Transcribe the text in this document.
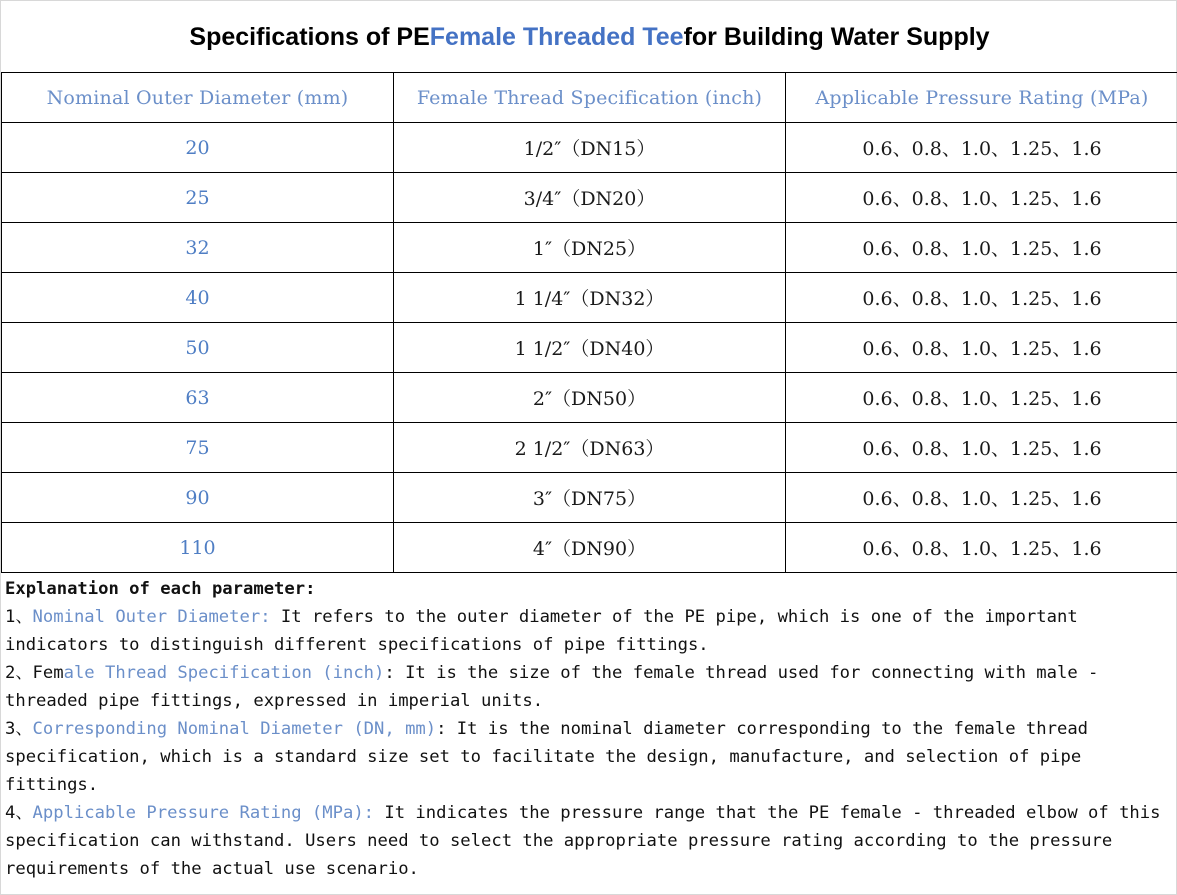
Specifications of PE Female Threaded Tee for Building Water Supply
Nominal Outer Diameter (mm)	Female Thread Specification (inch)	Applicable Pressure Rating (MPa)
20	1/2″（DN15）	0.6、0.8、1.0、1.25、1.6
25	3/4″（DN20）	0.6、0.8、1.0、1.25、1.6
32	1″（DN25）	0.6、0.8、1.0、1.25、1.6
40	1 1/4″（DN32）	0.6、0.8、1.0、1.25、1.6
50	1 1/2″（DN40）	0.6、0.8、1.0、1.25、1.6
63	2″（DN50）	0.6、0.8、1.0、1.25、1.6
75	2 1/2″（DN63）	0.6、0.8、1.0、1.25、1.6
90	3″（DN75）	0.6、0.8、1.0、1.25、1.6
110	4″（DN90）	0.6、0.8、1.0、1.25、1.6

Explanation of each parameter:

1、Nominal Outer Diameter: It refers to the outer diameter of the PE pipe, which is one of the important indicators to distinguish different specifications of pipe fittings.

2、Female Thread Specification (inch): It is the size of the female thread used for connecting with male - threaded pipe fittings, expressed in imperial units.

3、Corresponding Nominal Diameter (DN, mm): It is the nominal diameter corresponding to the female thread specification, which is a standard size set to facilitate the design, manufacture, and selection of pipe fittings.

4、Applicable Pressure Rating (MPa): It indicates the pressure range that the PE female - threaded elbow of this specification can withstand. Users need to select the appropriate pressure rating according to the pressure requirements of the actual use scenario.
